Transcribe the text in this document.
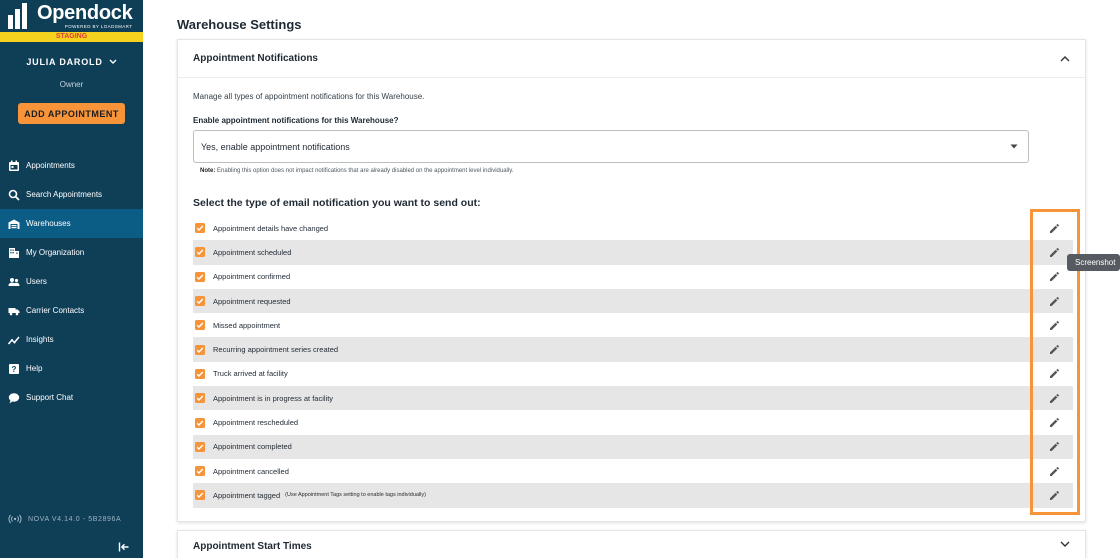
Opendock
POWERED BY LOADSMART
STAGING
JULIA DAROLD
Owner
ADD APPOINTMENT
Appointments
Search Appointments
Warehouses
My Organization
Users
Carrier Contacts
Insights
? Help
Support Chat
NOVA V4.14.0 - 5B2896A
Warehouse Settings
Appointment Notifications

Manage all types of appointment notifications for this Warehouse.

Enable appointment notifications for this Warehouse?

Yes, enable appointment notifications

Note: Enabling this option does not impact notifications that are already disabled on the appointment level individually.

Select the type of email notification you want to send out:
Appointment details have changed
Appointment scheduled
Appointment confirmed
Appointment requested
Missed appointment
Recurring appointment series created
Truck arrived at facility
Appointment is in progress at facility
Appointment rescheduled
Appointment completed
Appointment cancelled
Appointment tagged (Use Appointment Tags setting to enable tags individually)
Screenshot
Appointment Start Times
